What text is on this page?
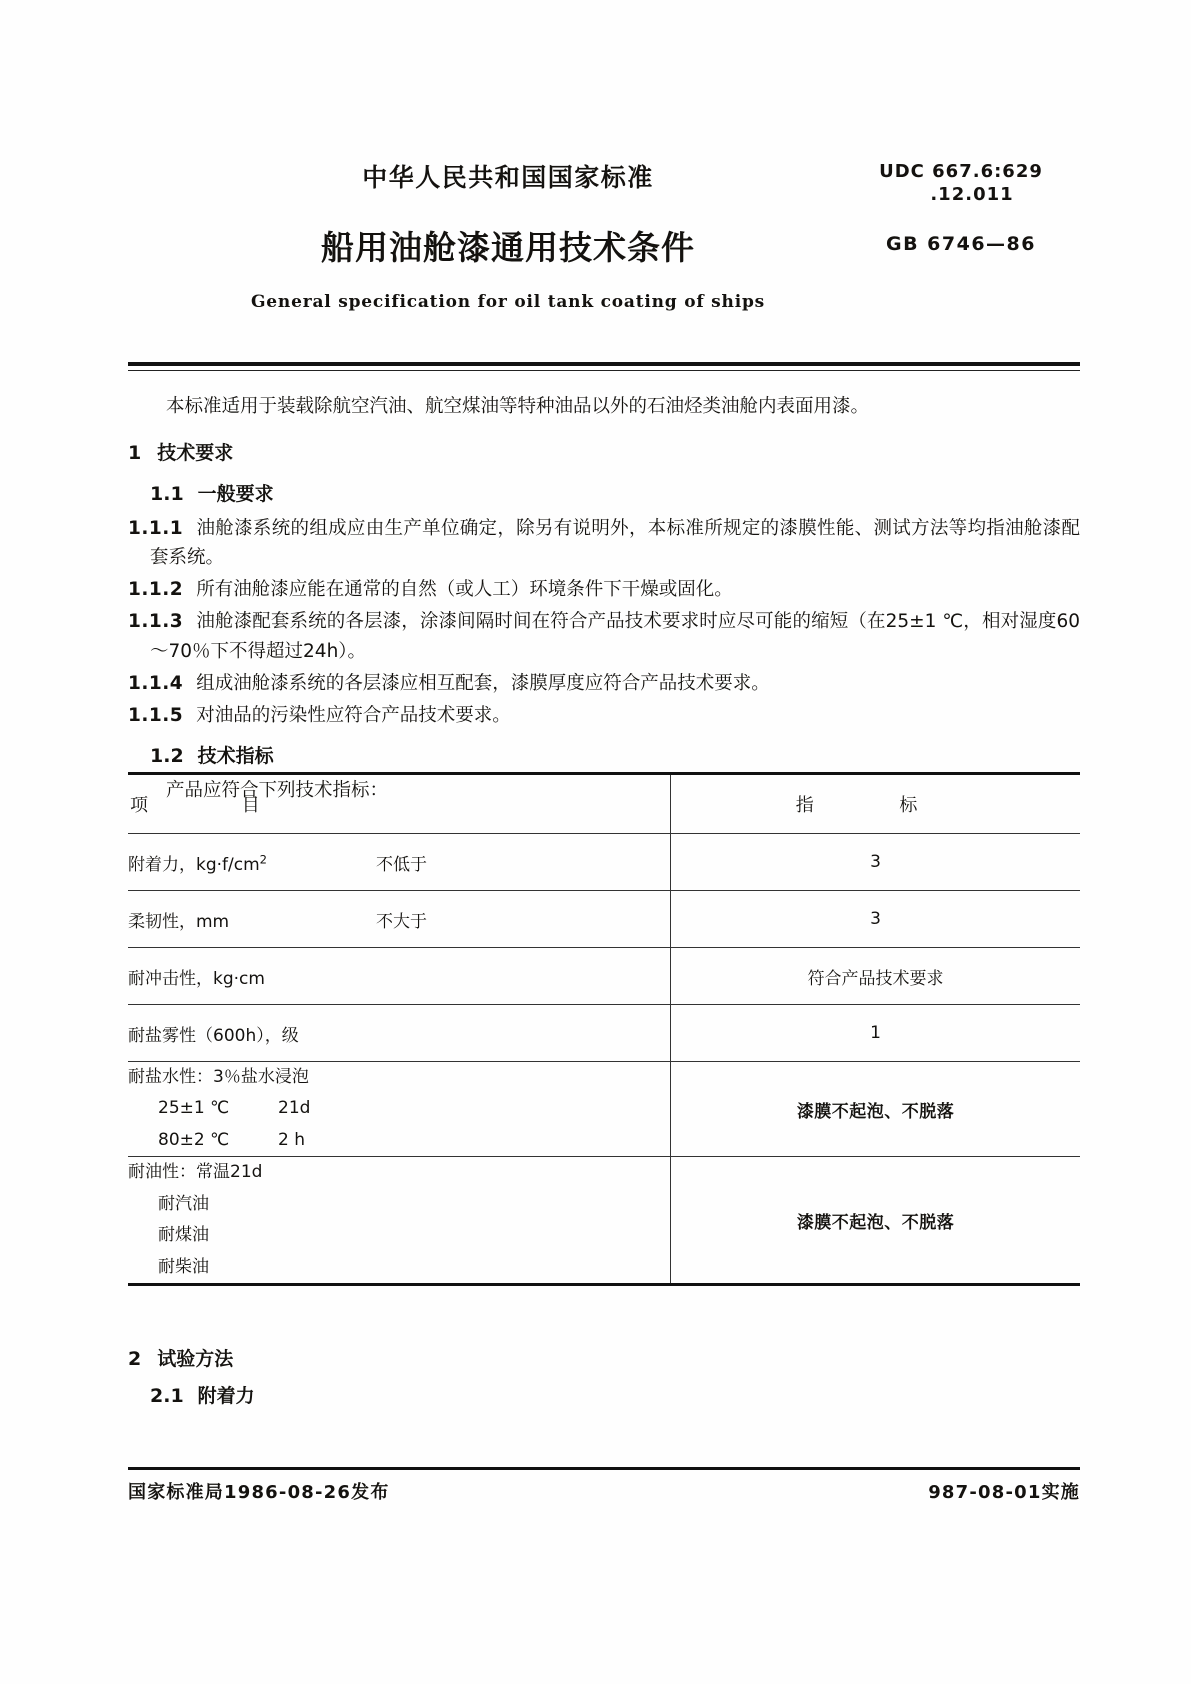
中华人民共和国国家标准
船用油舱漆通用技术条件
General specification for oil tank coating of ships
UDC 667.6:629
.12.011
GB 6746—86

本标准适用于装载除航空汽油、航空煤油等特种油品以外的石油烃类油舱内表面用漆。

1 技术要求
1.1 一般要求

1.1.1 油舱漆系统的组成应由生产单位确定，除另有说明外，本标准所规定的漆膜性能、测试方法等均指油舱漆配套系统。

1.1.2 所有油舱漆应能在通常的自然（或人工）环境条件下干燥或固化。

1.1.3 油舱漆配套系统的各层漆，涂漆间隔时间在符合产品技术要求时应尽可能的缩短（在25±1 ℃，相对湿度60～70％下不得超过24h）。

1.1.4 组成油舱漆系统的各层漆应相互配套，漆膜厚度应符合产品技术要求。

1.1.5 对油品的污染性应符合产品技术要求。

1.2 技术指标

产品应符合下列技术指标：

项 目	指 标

附着力，$kg\cdot f/cm^2$ 不低于	3

柔韧性，mm 不大于	3

耐冲击性，kg·cm	符合产品技术要求

耐盐雾性（600h），级	1

耐盐水性：3％盐水浸泡
25±1 ℃ 21d
80±2 ℃ 2 h	漆膜不起泡、不脱落

耐油性：常温21d
耐汽油
耐煤油
耐柴油	漆膜不起泡、不脱落
2 试验方法
2.1 附着力
国家标准局1986-08-26发布	987-08-01实施
